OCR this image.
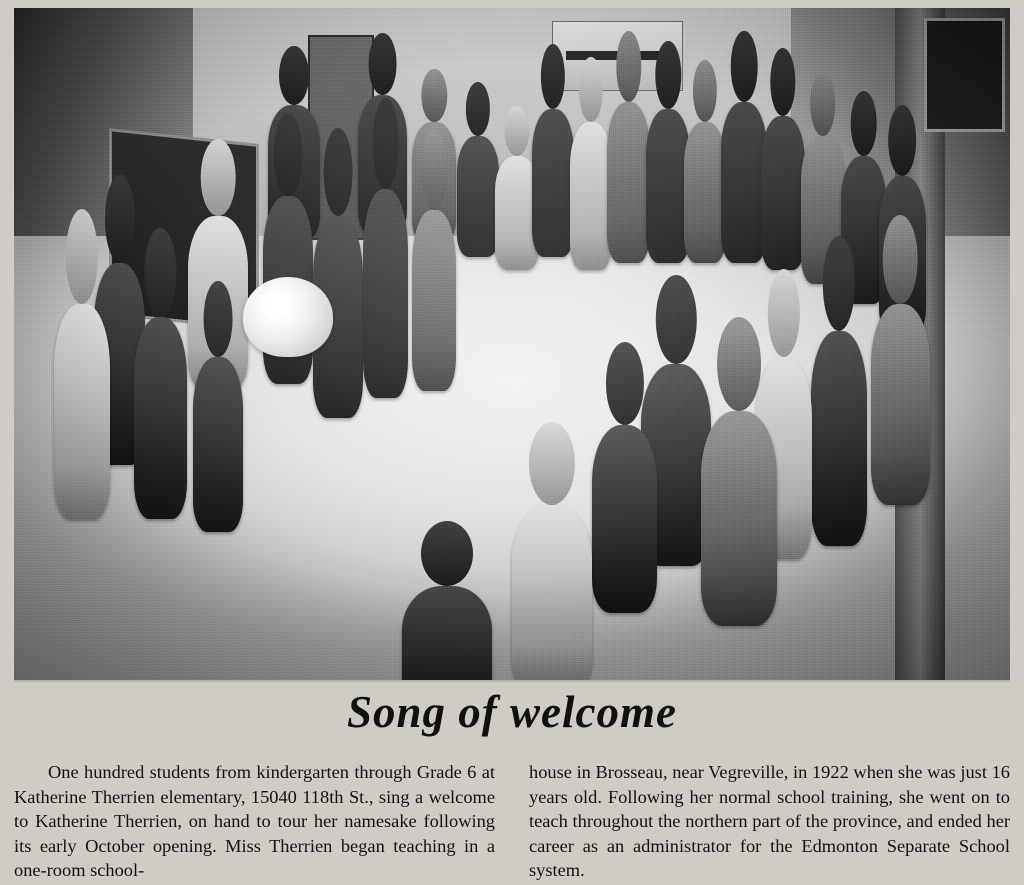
Song of welcome

One hundred students from kindergarten through Grade 6 at Katherine Therrien elementary, 15040 118th St., sing a welcome to Katherine Therrien, on hand to tour her namesake following its early October opening. Miss Therrien began teaching in a one-room school-

house in Brosseau, near Vegreville, in 1922 when she was just 16 years old. Following her normal school training, she went on to teach throughout the northern part of the province, and ended her career as an administrator for the Edmonton Separate School system.
